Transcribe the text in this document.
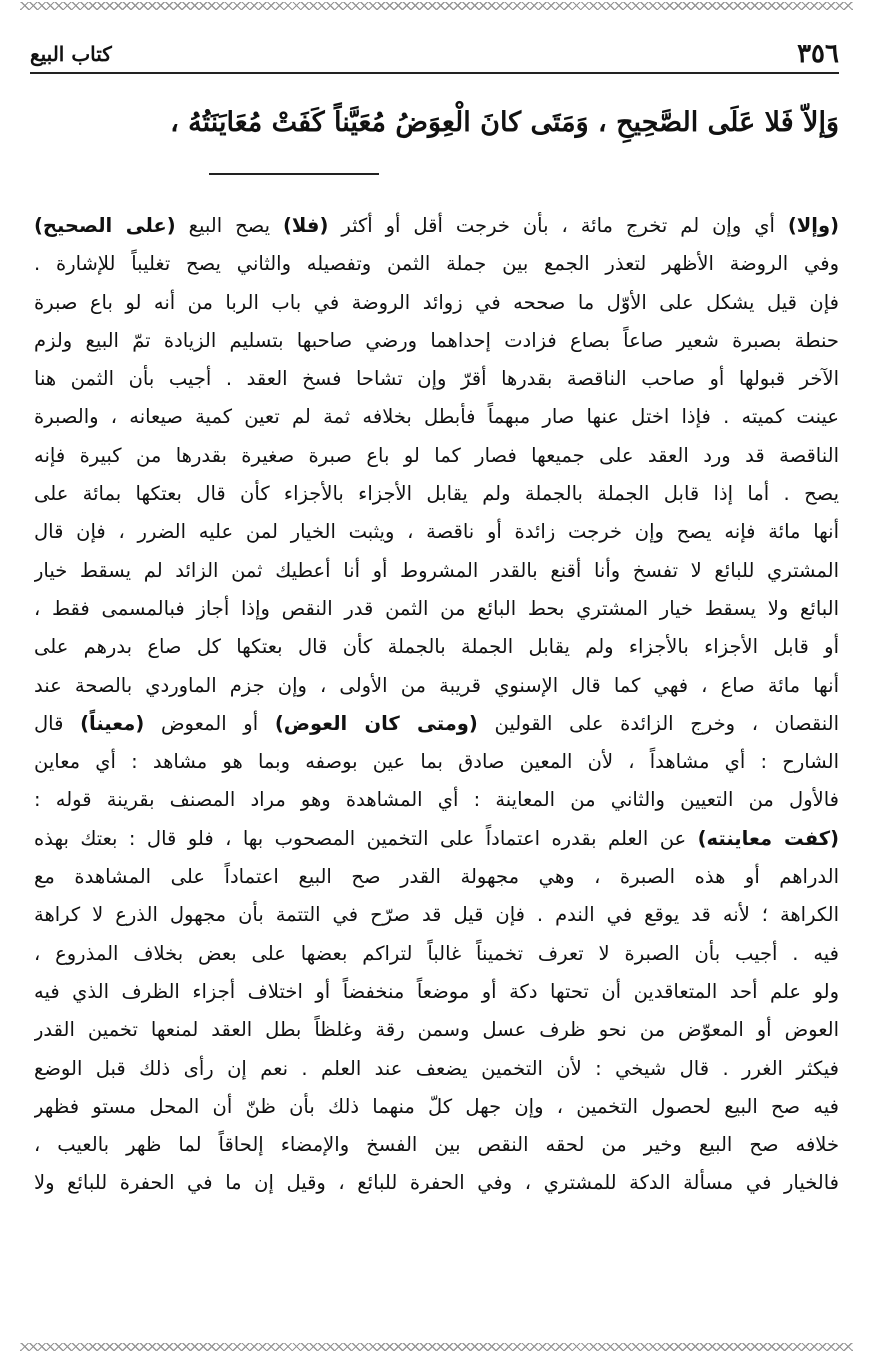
٣٥٦
كتاب البيع
وَإلاّ فَلا عَلَى الصَّحِيحِ ، وَمَتَى كانَ الْعِوَضُ مُعَيَّناً كَفَتْ مُعَايَنَتُهُ ،
(وإلا) أي وإن لم تخرج مائة ، بأن خرجت أقل أو أكثر (فلا) يصح البيع (على الصحيح)
وفي الروضة الأظهر لتعذر الجمع بين جملة الثمن وتفصيله والثاني يصح تغليباً للإشارة .
فإن قيل يشكل على الأوّل ما صححه في زوائد الروضة في باب الربا من أنه لو باع صبرة
حنطة بصبرة شعير صاعاً بصاع فزادت إحداهما ورضي صاحبها بتسليم الزيادة تمّ البيع ولزم
الآخر قبولها أو صاحب الناقصة بقدرها أقرّ وإن تشاحا فسخ العقد . أجيب بأن الثمن هنا
عينت كميته . فإذا اختل عنها صار مبهماً فأبطل بخلافه ثمة لم تعين كمية صيعانه ، والصبرة
الناقصة قد ورد العقد على جميعها فصار كما لو باع صبرة صغيرة بقدرها من كبيرة فإنه
يصح . أما إذا قابل الجملة بالجملة ولم يقابل الأجزاء بالأجزاء كأن قال بعتكها بمائة على
أنها مائة فإنه يصح وإن خرجت زائدة أو ناقصة ، ويثبت الخيار لمن عليه الضرر ، فإن قال
المشتري للبائع لا تفسخ وأنا أقنع بالقدر المشروط أو أنا أعطيك ثمن الزائد لم يسقط خيار
البائع ولا يسقط خيار المشتري بحط البائع من الثمن قدر النقص وإذا أجاز فبالمسمى فقط ،
أو قابل الأجزاء بالأجزاء ولم يقابل الجملة بالجملة كأن قال بعتكها كل صاع بدرهم على
أنها مائة صاع ، فهي كما قال الإسنوي قريبة من الأولى ، وإن جزم الماوردي بالصحة عند
النقصان ، وخرج الزائدة على القولين (ومتى كان العوض) أو المعوض (معيناً) قال
الشارح : أي مشاهداً ، لأن المعين صادق بما عين بوصفه وبما هو مشاهد : أي معاين
فالأول من التعيين والثاني من المعاينة : أي المشاهدة وهو مراد المصنف بقرينة قوله :
(كفت معاينته) عن العلم بقدره اعتماداً على التخمين المصحوب بها ، فلو قال : بعتك بهذه
الدراهم أو هذه الصبرة ، وهي مجهولة القدر صح البيع اعتماداً على المشاهدة مع
الكراهة ؛ لأنه قد يوقع في الندم . فإن قيل قد صرّح في التتمة بأن مجهول الذرع لا كراهة
فيه . أجيب بأن الصبرة لا تعرف تخميناً غالباً لتراكم بعضها على بعض بخلاف المذروع ،
ولو علم أحد المتعاقدين أن تحتها دكة أو موضعاً منخفضاً أو اختلاف أجزاء الظرف الذي فيه
العوض أو المعوّض من نحو ظرف عسل وسمن رقة وغلظاً بطل العقد لمنعها تخمين القدر
فيكثر الغرر . قال شيخي : لأن التخمين يضعف عند العلم . نعم إن رأى ذلك قبل الوضع
فيه صح البيع لحصول التخمين ، وإن جهل كلّ منهما ذلك بأن ظنّ أن المحل مستو فظهر
خلافه صح البيع وخير من لحقه النقص بين الفسخ والإمضاء إلحاقاً لما ظهر بالعيب ،
فالخيار في مسألة الدكة للمشتري ، وفي الحفرة للبائع ، وقيل إن ما في الحفرة للبائع ولا
